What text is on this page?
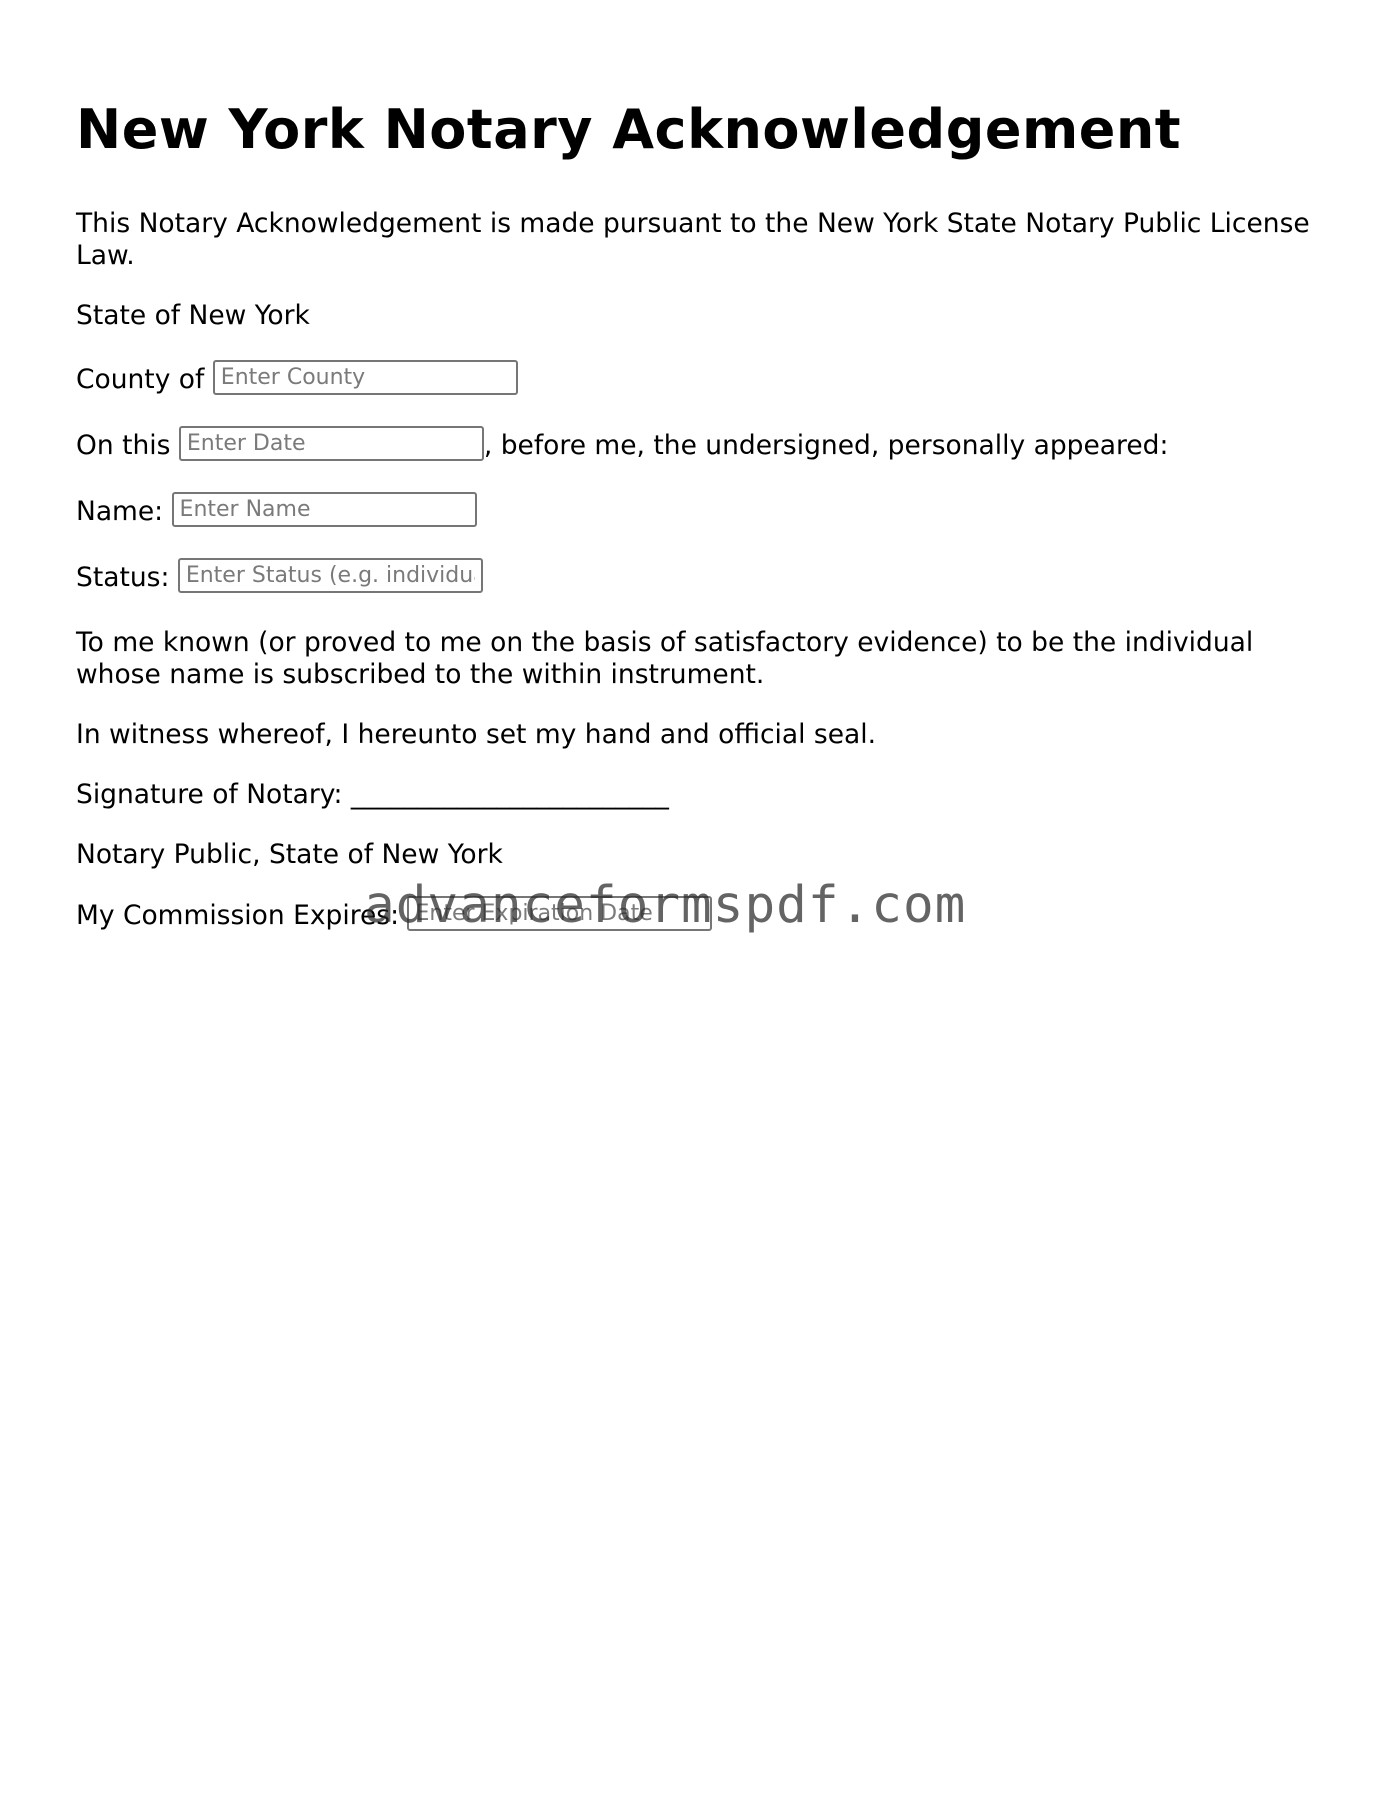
New York Notary Acknowledgement

This Notary Acknowledgement is made pursuant to the New York State Notary Public License Law.

State of New York

County of Enter County

On this Enter Date	, before me, the undersigned, personally appeared:

Name: Enter Name

Status: Enter Status (e.g. individual)

To me known (or proved to me on the basis of satisfactory evidence) to be the individual whose name is subscribed to the within instrument.

In witness whereof, I hereunto set my hand and official seal.

Signature of Notary: ________________________

Notary Public, State of New York

My Commission Expires: Enter Expiration Date

advanceformspdf.com
